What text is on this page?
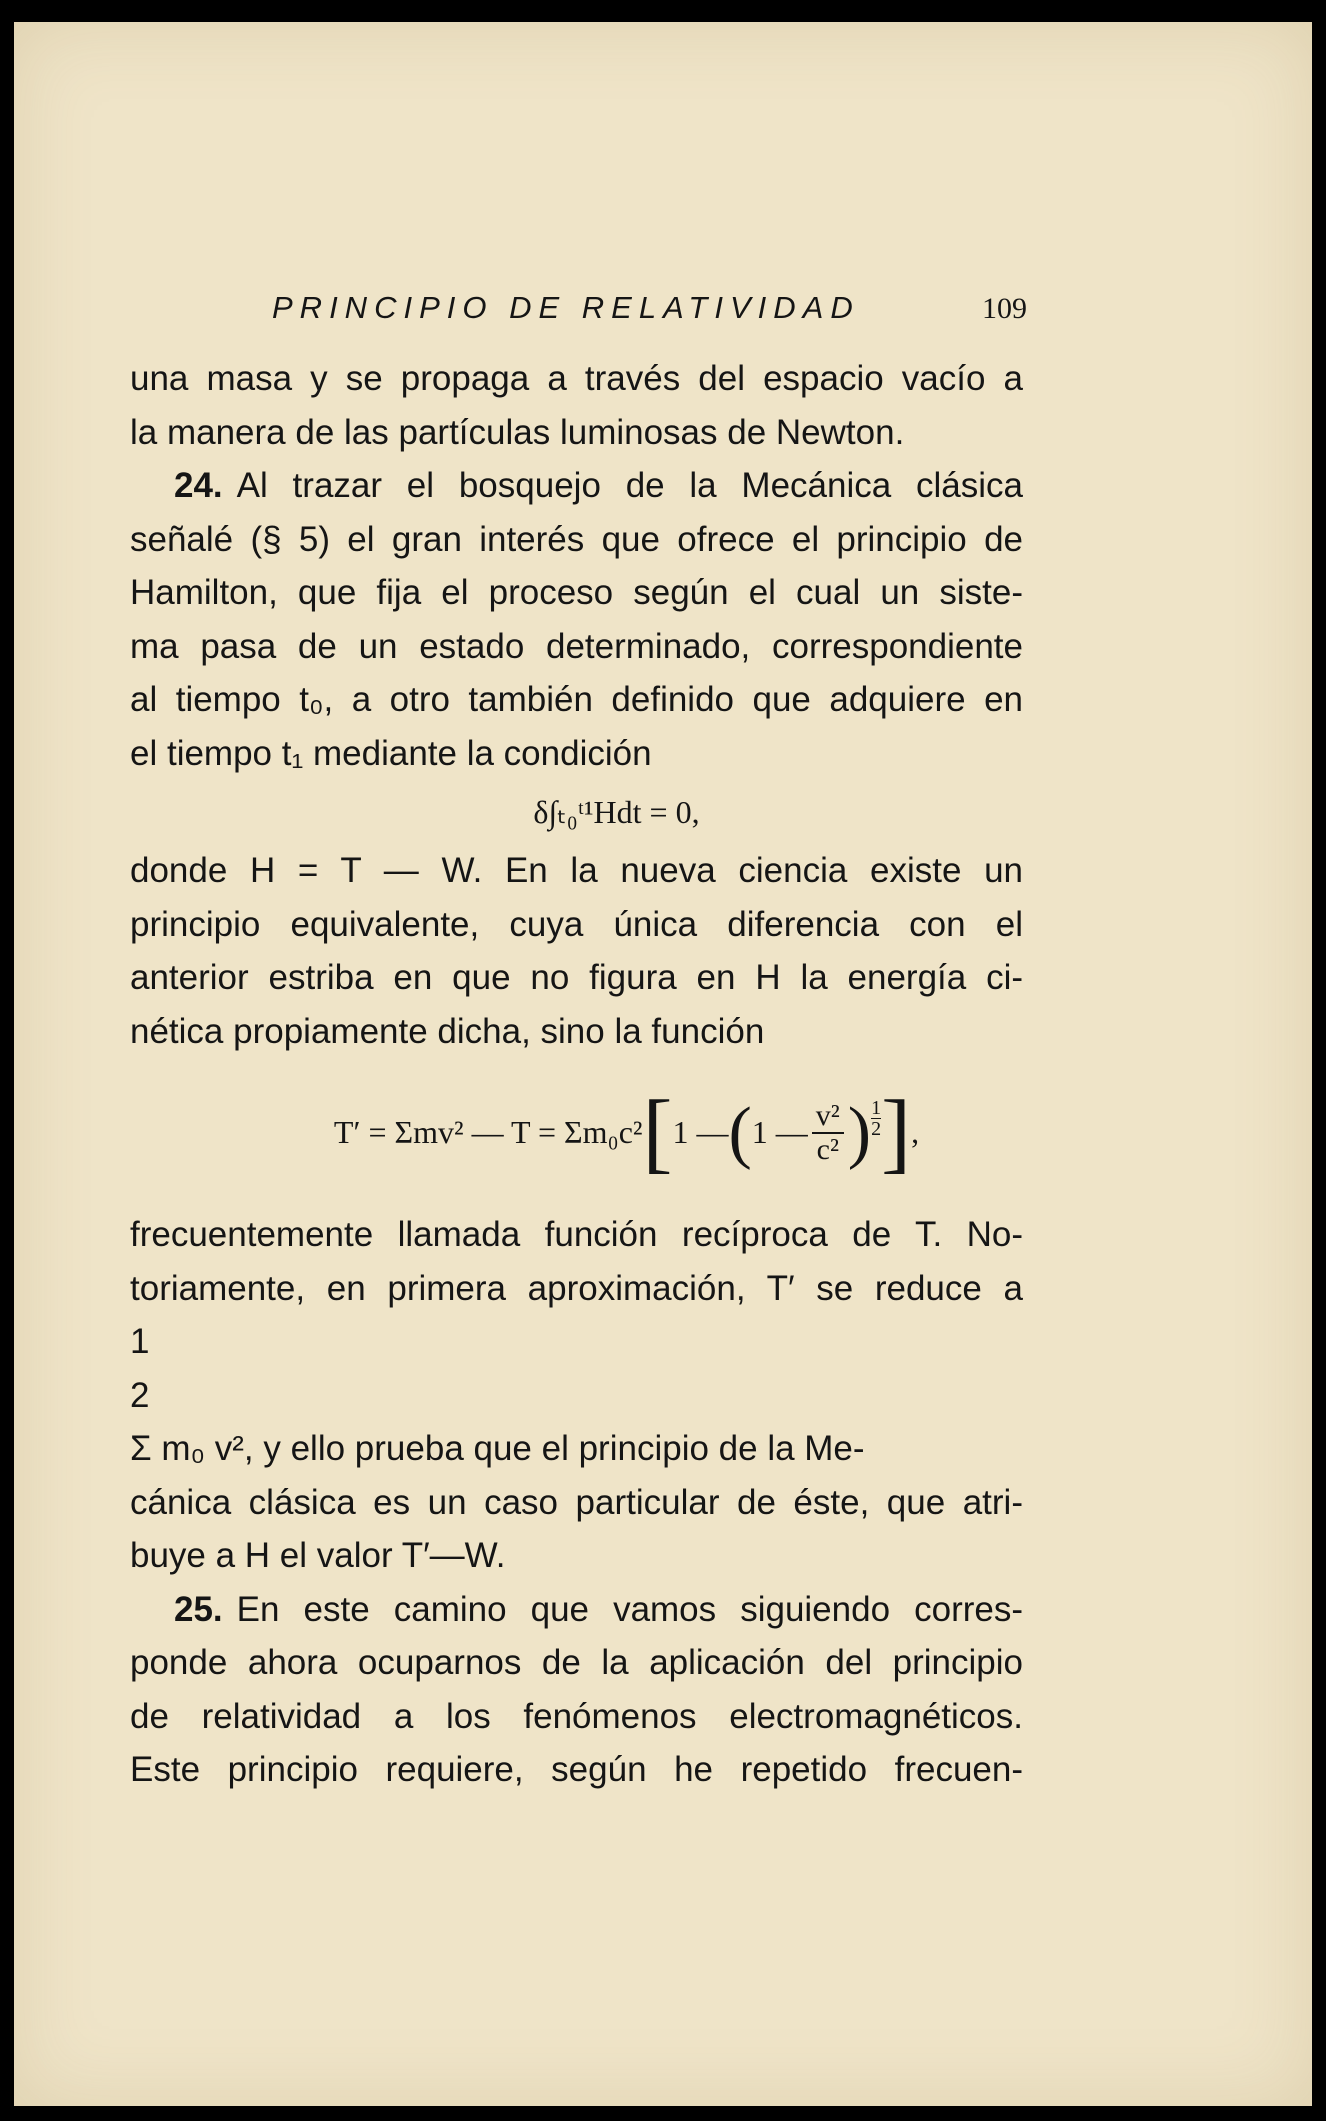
PRINCIPIO DE RELATIVIDAD	109

una masa y se propaga a través del espacio vacío a

la manera de las partículas luminosas de Newton.

24. Al trazar el bosquejo de la Mecánica clásica

señalé (§ 5) el gran interés que ofrece el principio de

Hamilton, que fija el proceso según el cual un siste-

ma pasa de un estado determinado, correspondiente

al tiempo t₀, a otro también definido que adquiere en

el tiempo t₁ mediante la condición

δ∫ₜ₀ᵗ¹Hdt = 0,

donde H = T — W. En la nueva ciencia existe un

principio equivalente, cuya única diferencia con el

anterior estriba en que no figura en H la energía ci-

nética propiamente dicha, sino la función

T′ = Σmv² — T = Σm₀c² [ 1 — ( 1 — $\frac{\text{v²}}{\text{c²}}$ ) $\frac{1}{2}$ ] ,

frecuentemente llamada función recíproca de T. No-

toriamente, en primera aproximación, T′ se reduce a

1
2
Σ m₀ v², y ello prueba que el principio de la Me-

cánica clásica es un caso particular de éste, que atri-

buye a H el valor T′—W.

25. En este camino que vamos siguiendo corres-

ponde ahora ocuparnos de la aplicación del principio

de relatividad a los fenómenos electromagnéticos.

Este principio requiere, según he repetido frecuen-
